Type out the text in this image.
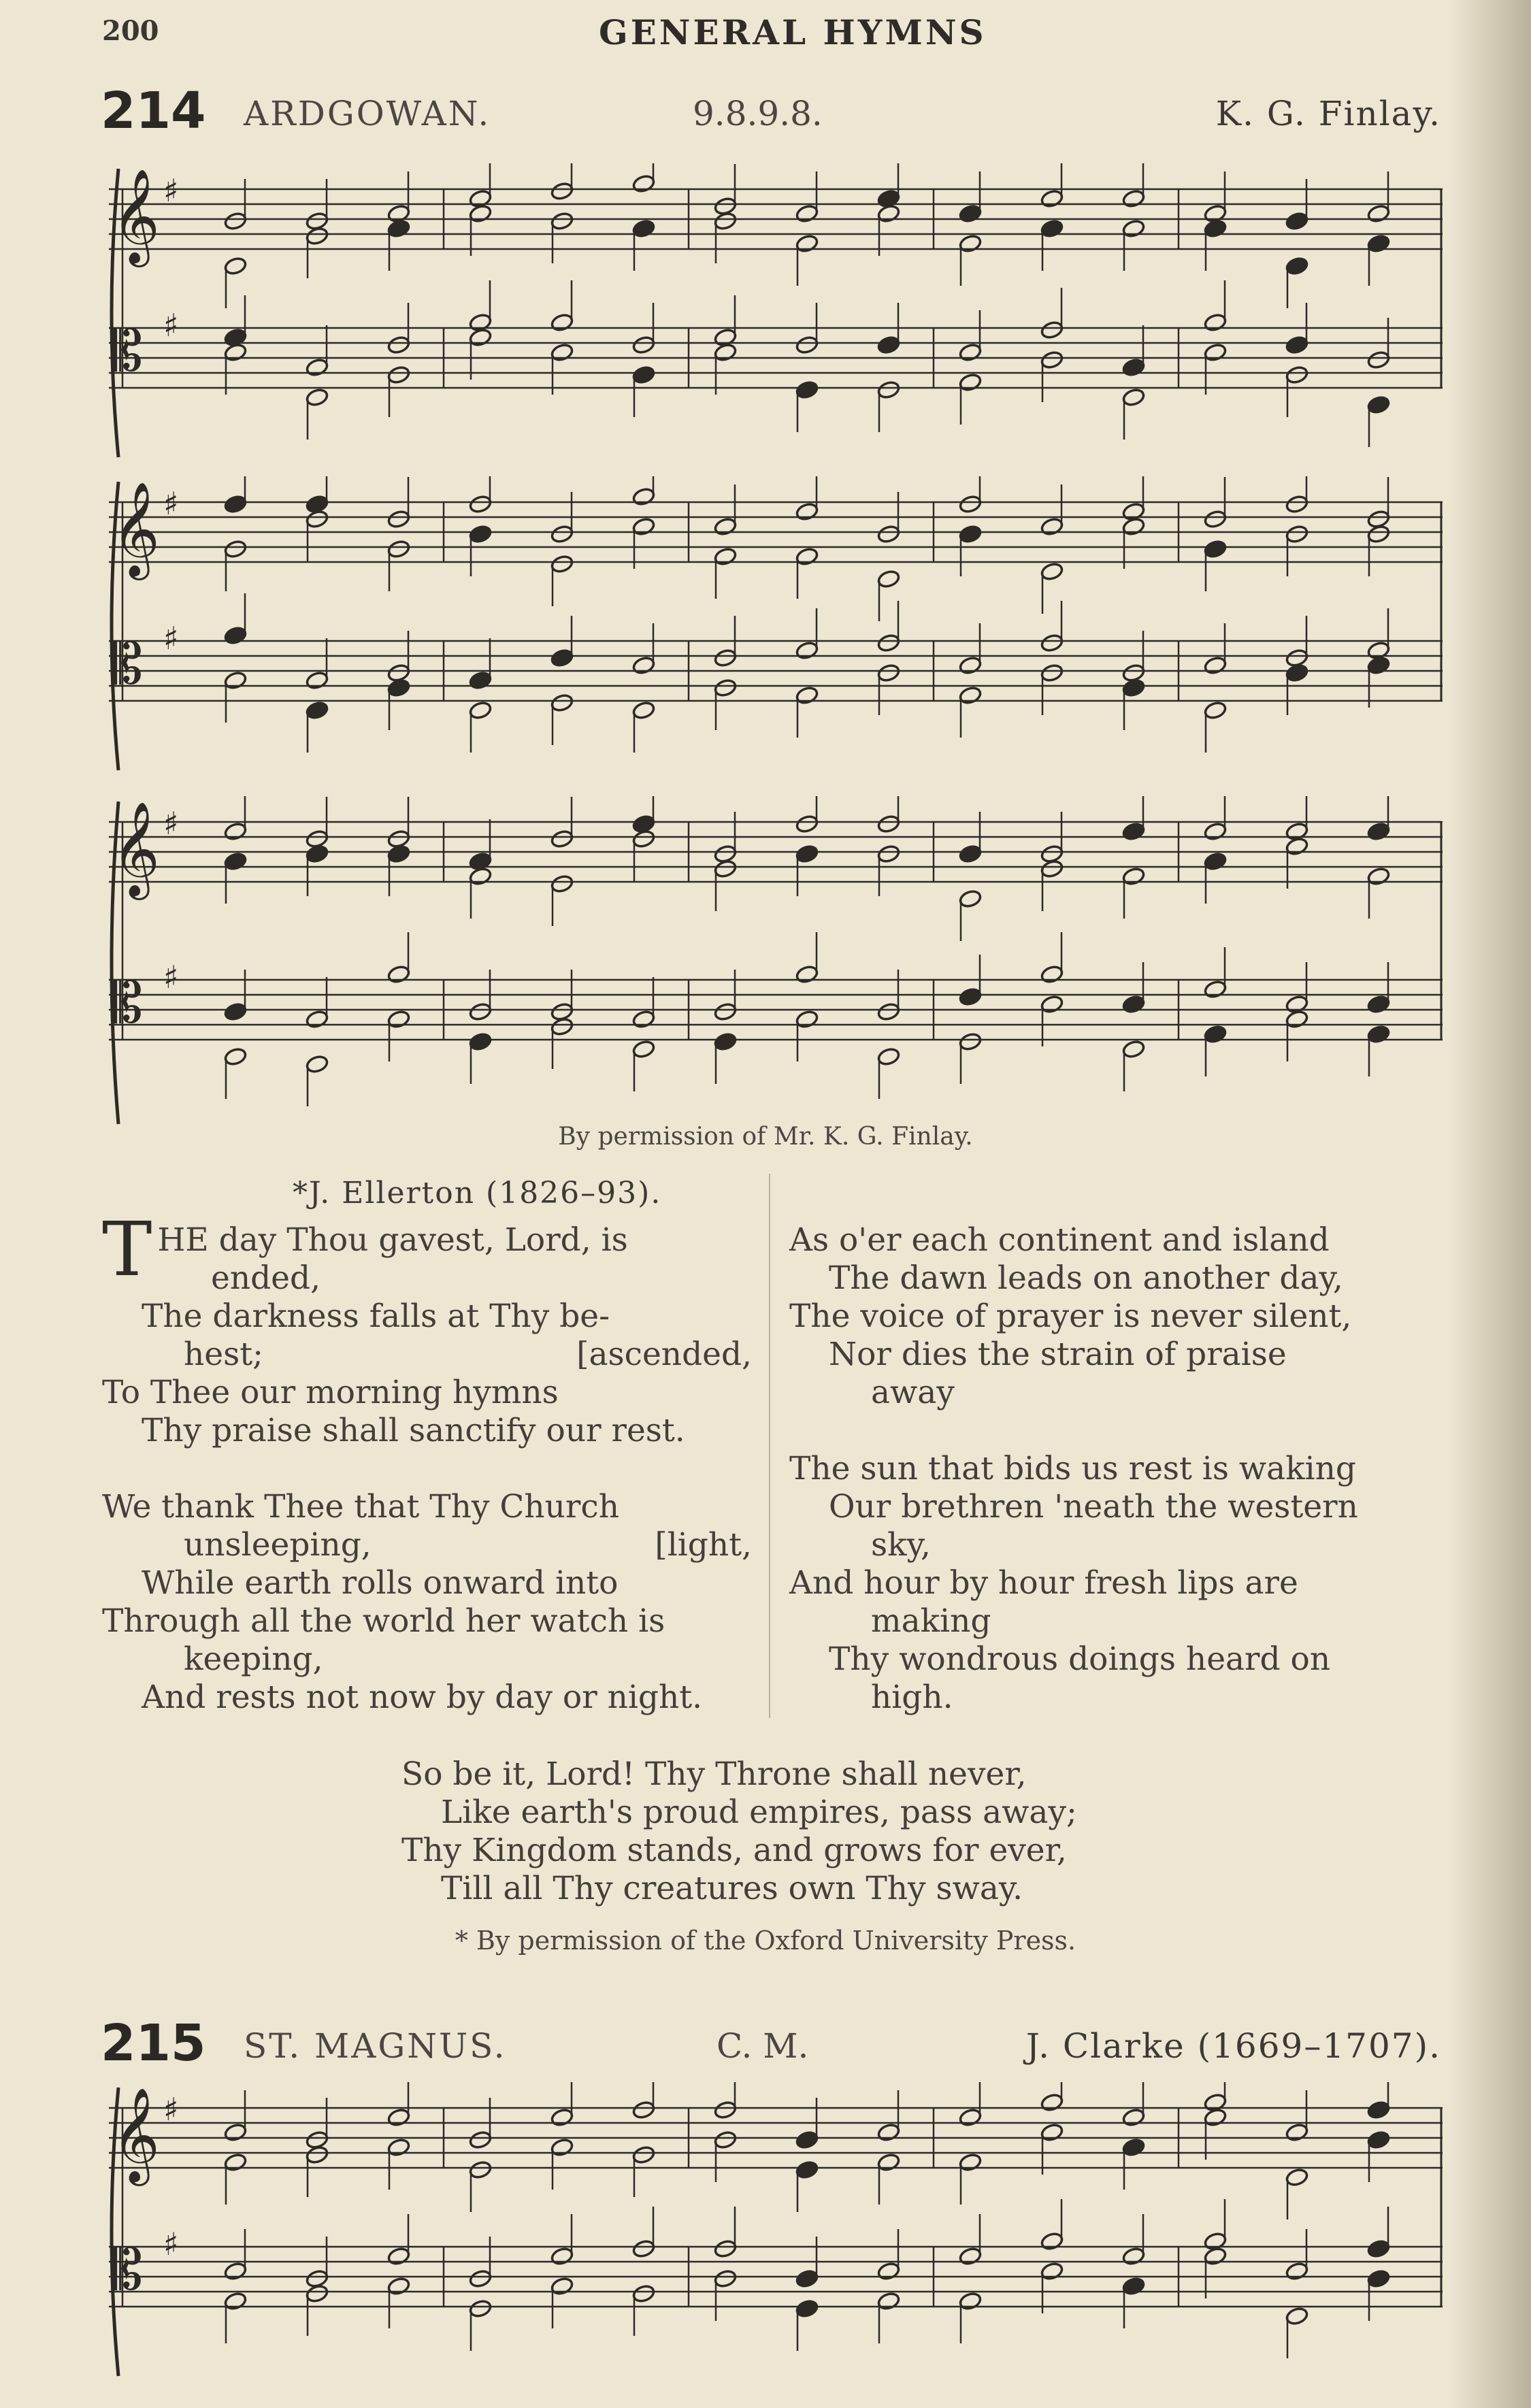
200	GENERAL HYMNS
214 ARDGOWAN.	9.8.9.8.	K. G. Finlay.
𝄞 ♯
𝄡 ♯
𝄞 ♯
𝄡 ♯
𝄞 ♯
𝄡 ♯
By permission of Mr. K. G. Finlay.
*J. Ellerton (1826–93).
T HE day Thou gavest, Lord, is
ended,
The darkness falls at Thy be-
hest;	[ascended,
To Thee our morning hymns
Thy praise shall sanctify our rest.
We thank Thee that Thy Church
unsleeping,	[light,
While earth rolls onward into
Through all the world her watch is
keeping,
And rests not now by day or night.
As o'er each continent and island
The dawn leads on another day,
The voice of prayer is never silent,
Nor dies the strain of praise
away
The sun that bids us rest is waking
Our brethren 'neath the western
sky,
And hour by hour fresh lips are
making
Thy wondrous doings heard on
high.
So be it, Lord! Thy Throne shall never,
Like earth's proud empires, pass away;
Thy Kingdom stands, and grows for ever,
Till all Thy creatures own Thy sway.
* By permission of the Oxford University Press.
215 ST. MAGNUS.	C. M.	J. Clarke (1669–1707).
𝄞 ♯
𝄡 ♯
